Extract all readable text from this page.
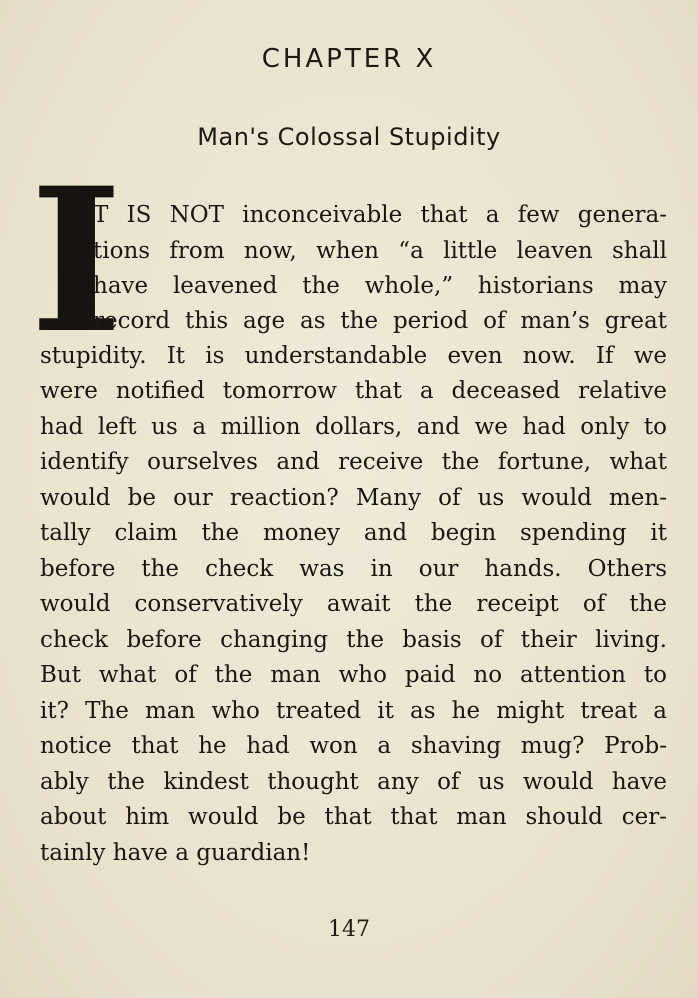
CHAPTER X
Man's Colossal Stupidity
I
T IS NOT inconceivable that a few genera-
tions from now, when “a little leaven shall
have leavened the whole,” historians may
record this age as the period of man’s great
stupidity. It is understandable even now. If we
were notified tomorrow that a deceased relative
had left us a million dollars, and we had only to
identify ourselves and receive the fortune, what
would be our reaction? Many of us would men-
tally claim the money and begin spending it
before the check was in our hands. Others
would conservatively await the receipt of the
check before changing the basis of their living.
But what of the man who paid no attention to
it? The man who treated it as he might treat a
notice that he had won a shaving mug? Prob-
ably the kindest thought any of us would have
about him would be that that man should cer-
tainly have a guardian!
147
